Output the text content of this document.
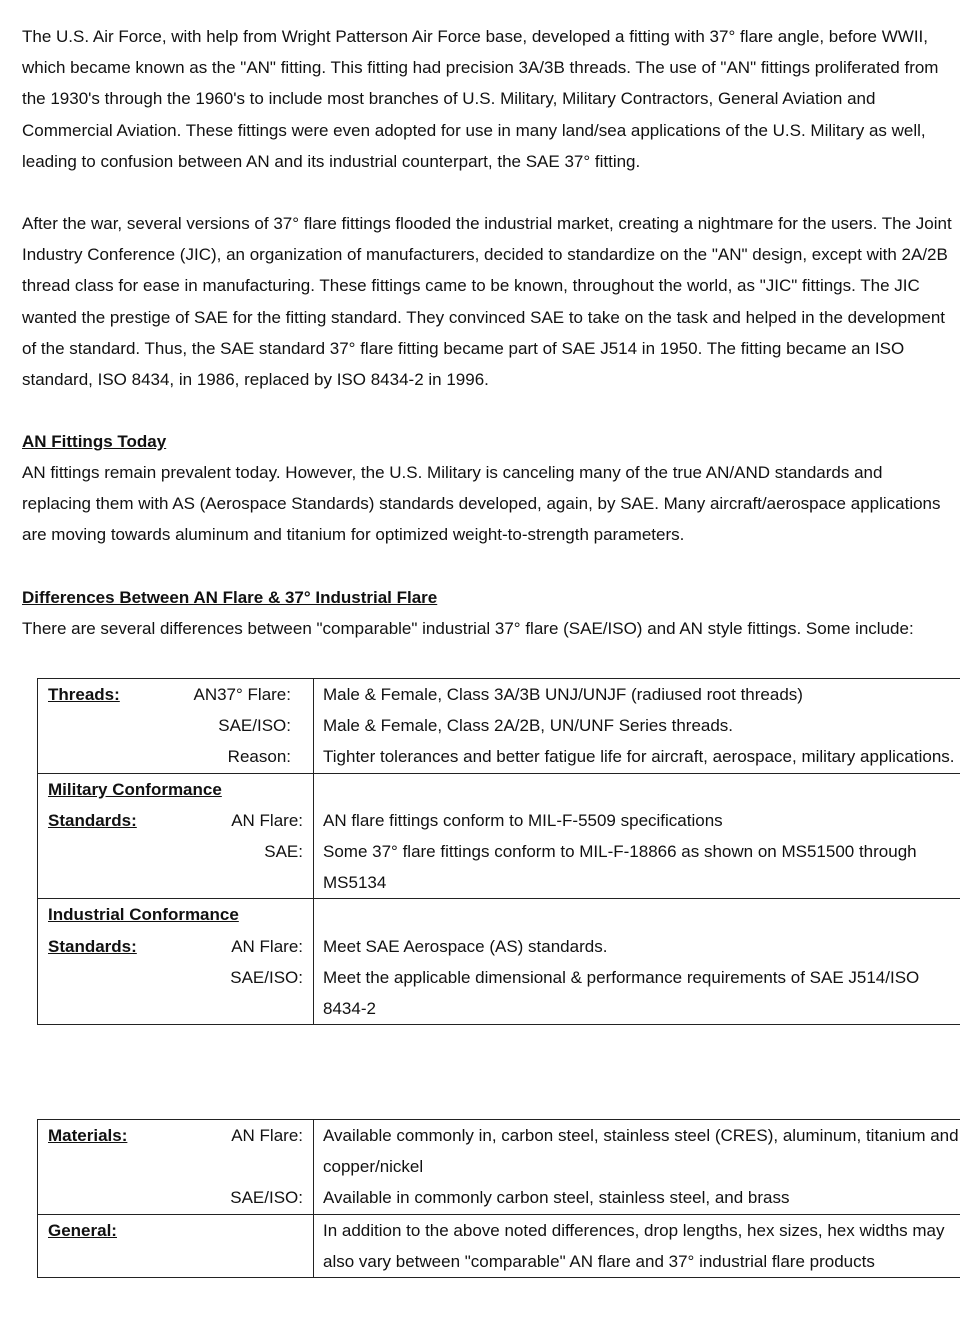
The U.S. Air Force, with help from Wright Patterson Air Force base, developed a fitting with 37° flare angle, before WWII, which became known as the "AN" fitting. This fitting had precision 3A/3B threads. The use of "AN" fittings proliferated from the 1930's through the 1960's to include most branches of U.S. Military, Military Contractors, General Aviation and Commercial Aviation. These fittings were even adopted for use in many land/sea applications of the U.S. Military as well, leading to confusion between AN and its industrial counterpart, the SAE 37° fitting.

After the war, several versions of 37° flare fittings flooded the industrial market, creating a nightmare for the users. The Joint Industry Conference (JIC), an organization of manufacturers, decided to standardize on the "AN" design, except with 2A/2B thread class for ease in manufacturing. These fittings came to be known, throughout the world, as "JIC" fittings. The JIC wanted the prestige of SAE for the fitting standard. They convinced SAE to take on the task and helped in the development of the standard. Thus, the SAE standard 37° flare fitting became part of SAE J514 in 1950. The fitting became an ISO standard, ISO 8434, in 1986, replaced by ISO 8434-2 in 1996.

AN Fittings Today

AN fittings remain prevalent today. However, the U.S. Military is canceling many of the true AN/AND standards and replacing them with AS (Aerospace Standards) standards developed, again, by SAE. Many aircraft/aerospace applications are moving towards aluminum and titanium for optimized weight-to-strength parameters.

Differences Between AN Flare & 37° Industrial Flare

There are several differences between "comparable" industrial 37° flare (SAE/ISO) and AN style fittings. Some include:

Threads: AN37° Flare:	Male & Female, Class 3A/3B UNJ/UNJF (radiused root threads)

SAE/ISO:	Male & Female, Class 2A/2B, UN/UNF Series threads.

Reason:	Tighter tolerances and better fatigue life for aircraft, aerospace, military applications.

Military Conformance	

Standards: AN Flare:	AN flare fittings conform to MIL-F-5509 specifications

SAE:	Some 37° flare fittings conform to MIL-F-18866 as shown on MS51500 through MS5134

Industrial Conformance	

Standards: AN Flare:	Meet SAE Aerospace (AS) standards.

SAE/ISO:	Meet the applicable dimensional & performance requirements of SAE J514/ISO 8434-2
Materials: AN Flare:	Available commonly in, carbon steel, stainless steel (CRES), aluminum, titanium and copper/nickel

SAE/ISO:	Available in commonly carbon steel, stainless steel, and brass

General:	In addition to the above noted differences, drop lengths, hex sizes, hex widths may also vary between "comparable" AN flare and 37° industrial flare products
